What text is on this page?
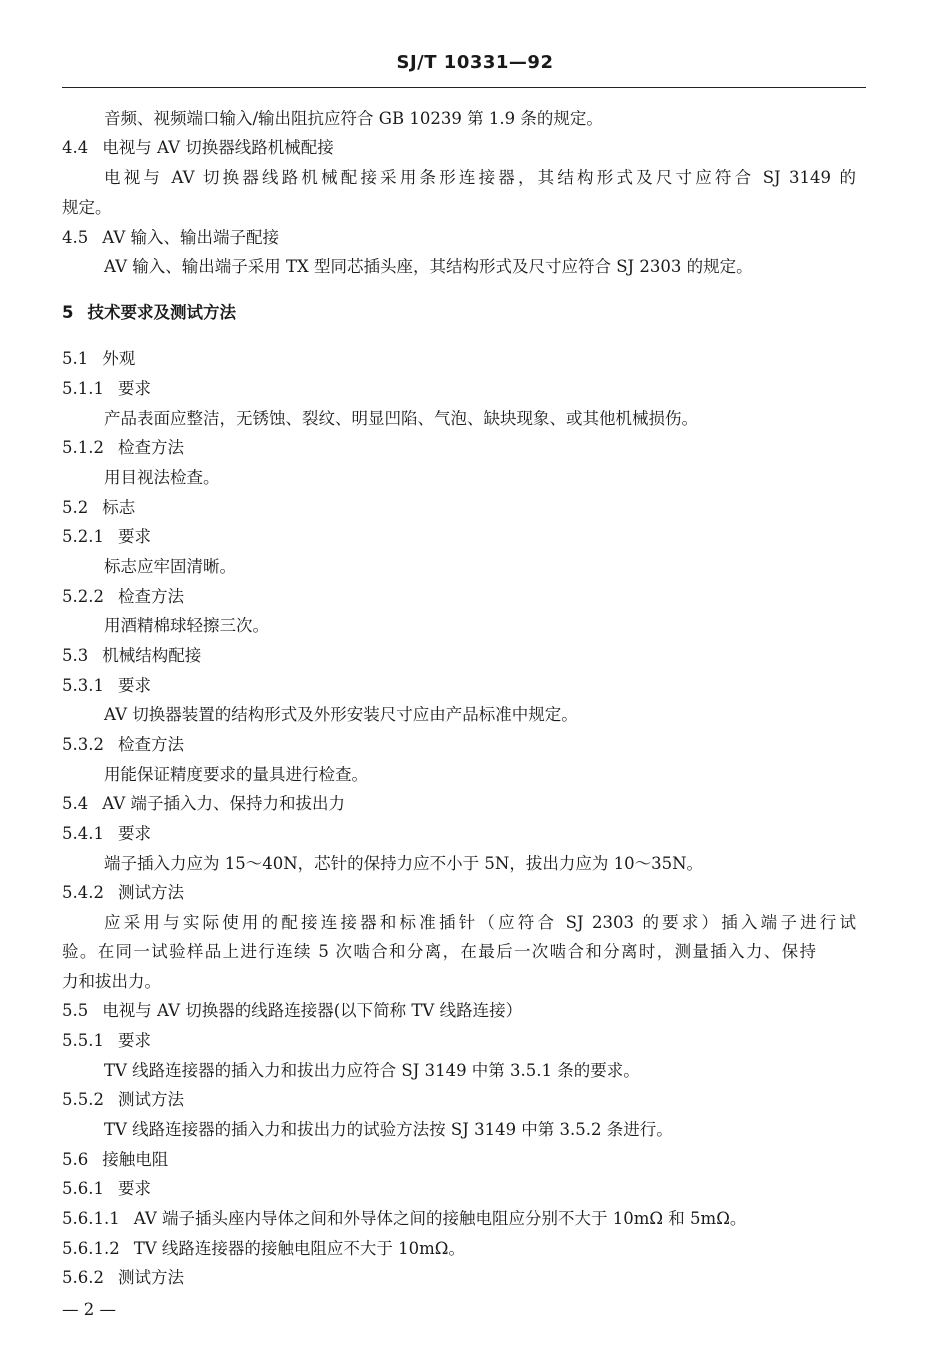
SJ/T 10331—92
音频、视频端口输入/输出阻抗应符合 GB 10239 第 1.9 条的规定。
4.4 电视与 AV 切换器线路机械配接
电视与 AV 切换器线路机械配接采用条形连接器，其结构形式及尺寸应符合 SJ 3149 的
规定。
4.5 AV 输入、输出端子配接
AV 输入、输出端子采用 TX 型同芯插头座，其结构形式及尺寸应符合 SJ 2303 的规定。
5 技术要求及测试方法
5.1 外观
5.1.1 要求
产品表面应整洁，无锈蚀、裂纹、明显凹陷、气泡、缺块现象、或其他机械损伤。
5.1.2 检查方法
用目视法检查。
5.2 标志
5.2.1 要求
标志应牢固清晰。
5.2.2 检查方法
用酒精棉球轻擦三次。
5.3 机械结构配接
5.3.1 要求
AV 切换器装置的结构形式及外形安装尺寸应由产品标准中规定。
5.3.2 检查方法
用能保证精度要求的量具进行检查。
5.4 AV 端子插入力、保持力和拔出力
5.4.1 要求
端子插入力应为 15～40N，芯针的保持力应不小于 5N，拔出力应为 10～35N。
5.4.2 测试方法
应采用与实际使用的配接连接器和标准插针（应符合 SJ 2303 的要求）插入端子进行试
验。在同一试验样品上进行连续 5 次啮合和分离，在最后一次啮合和分离时，测量插入力、保持
力和拔出力。
5.5 电视与 AV 切换器的线路连接器(以下简称 TV 线路连接）
5.5.1 要求
TV 线路连接器的插入力和拔出力应符合 SJ 3149 中第 3.5.1 条的要求。
5.5.2 测试方法
TV 线路连接器的插入力和拔出力的试验方法按 SJ 3149 中第 3.5.2 条进行。
5.6 接触电阻
5.6.1 要求
5.6.1.1 AV 端子插头座内导体之间和外导体之间的接触电阻应分别不大于 10mΩ 和 5mΩ。
5.6.1.2 TV 线路连接器的接触电阻应不大于 10mΩ。
5.6.2 测试方法
— 2 —
